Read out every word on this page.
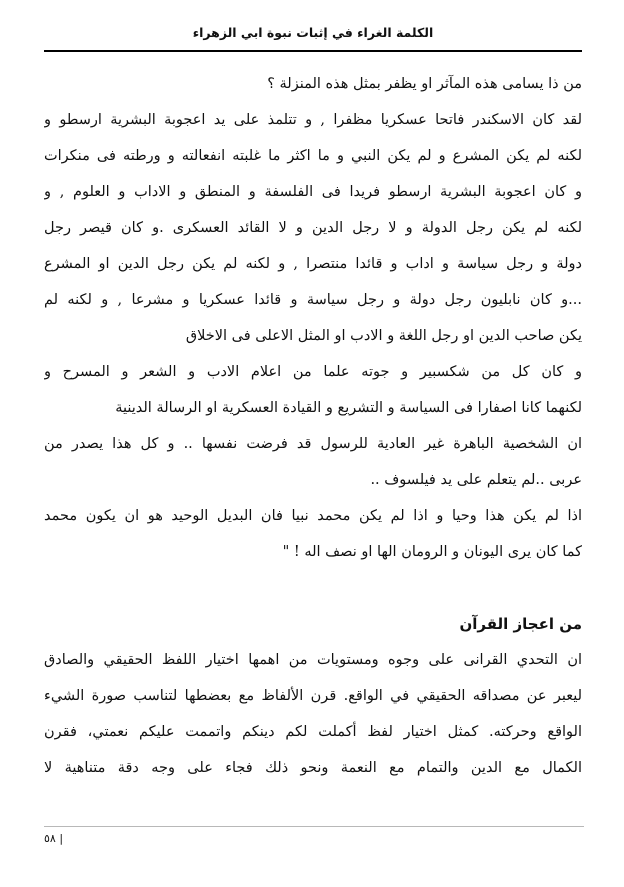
الكلمة الغراء في إثبات نبوة ابي الزهراء
من ذا يسامى هذه المآثر او يظفر بمثل هذه المنزلة ؟
لقد كان الاسكندر فاتحا عسكريا مظفرا , و تتلمذ على يد اعجوبة البشرية ارسطو و
لكنه لم يكن المشرع و لم يكن النبي و ما اكثر ما غلبته انفعالته و ورطته فى منكرات
و كان اعجوبة البشرية ارسطو فريدا فى الفلسفة و المنطق و الاداب و العلوم , و
لكنه لم يكن رجل الدولة و لا رجل الدين و لا القائد العسكرى .و كان قيصر رجل
دولة و رجل سياسة و اداب و قائدا منتصرا , و لكنه لم يكن رجل الدين او المشرع
...و كان نابليون رجل دولة و رجل سياسة و قائدا عسكريا و مشرعا , و لكنه لم
يكن صاحب الدين او رجل اللغة و الادب او المثل الاعلى فى الاخلاق
و كان كل من شكسبير و جوته علما من اعلام الادب و الشعر و المسرح و
لكنهما كانا اصفارا فى السياسة و التشريع و القيادة العسكرية او الرسالة الدينية
ان الشخصية الباهرة غير العادية للرسول قد فرضت نفسها .. و كل هذا يصدر من
عربى ..لم يتعلم على يد فيلسوف ..
اذا لم يكن هذا وحيا و اذا لم يكن محمد نبيا فان البديل الوحيد هو ان يكون محمد
كما كان يرى اليونان و الرومان الها او نصف اله ! "
من اعجاز القرآن
ان التحدي القرانى على وجوه ومستويات من اهمها اختيار اللفظ الحقيقي والصادق
ليعبر عن مصداقه الحقيقي في الواقع. قرن الألفاظ مع بعضطها لتناسب صورة الشيء
الواقع وحركته. كمثل اختيار لفظ أكملت لكم دينكم واتممت عليكم نعمتي، فقرن
الكمال مع الدين والتمام مع النعمة ونحو ذلك فجاء على وجه دقة متناهية لا
٥٨ |
